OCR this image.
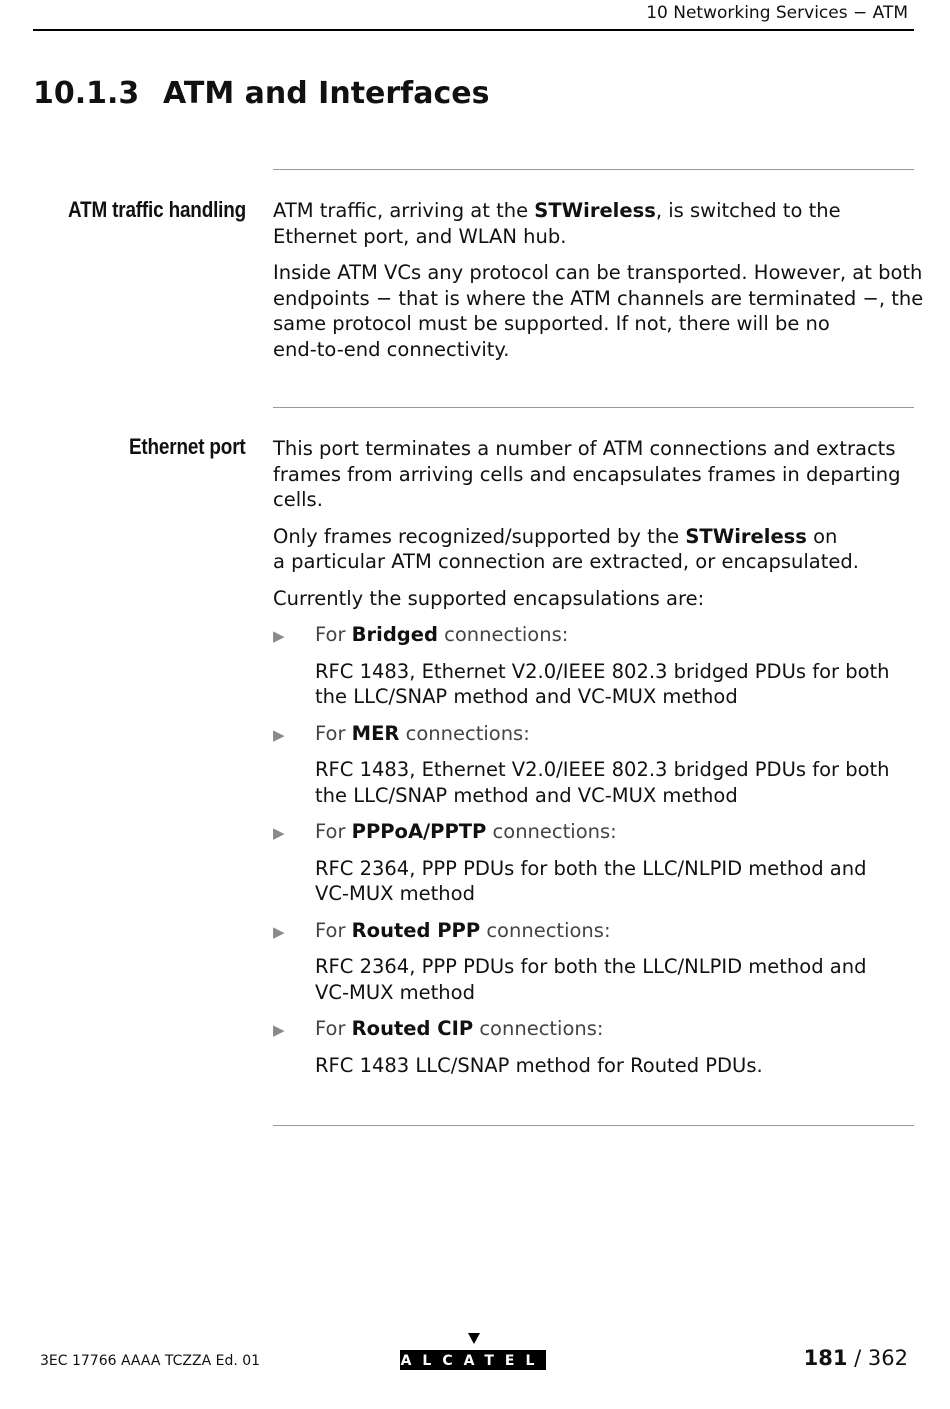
10 Networking Services − ATM
10.1.3 ATM and Interfaces
ATM traffic handling ATM traffic, arriving at the STWireless, is switched to the Ethernet port, and WLAN hub.

Inside ATM VCs any protocol can be transported. However, at both
endpoints − that is where the ATM channels are terminated −, the
same protocol must be supported. If not, there will be no
end-to-end connectivity.

Ethernet port This port terminates a number of ATM connections and extracts
frames from arriving cells and encapsulates frames in departing
cells.

Only frames recognized/supported by the STWireless on
a particular ATM connection are extracted, or encapsulated.

Currently the supported encapsulations are:

▶ For Bridged connections:
RFC 1483, Ethernet V2.0/IEEE 802.3 bridged PDUs for both
the LLC/SNAP method and VC-MUX method
▶ For MER connections:
RFC 1483, Ethernet V2.0/IEEE 802.3 bridged PDUs for both
the LLC/SNAP method and VC-MUX method
▶ For PPPoA/PPTP connections:
RFC 2364, PPP PDUs for both the LLC/NLPID method and
VC-MUX method
▶ For Routed PPP connections:
RFC 2364, PPP PDUs for both the LLC/NLPID method and
VC-MUX method
▶ For Routed CIP connections:
RFC 1483 LLC/SNAP method for Routed PDUs.
3EC 17766 AAAA TCZZA Ed. 01	ALCATEL	181 / 362
